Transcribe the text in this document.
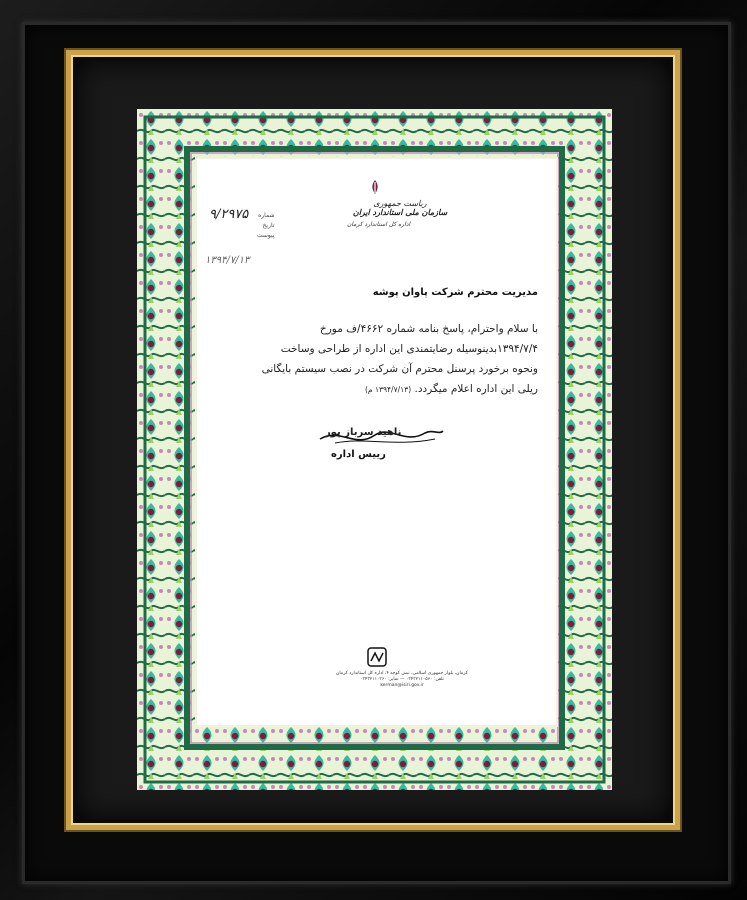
ریاست جمهوری
سازمان ملی استاندارد ایران
اداره کل استاندارد کرمان
شماره
تاریخ
پیوست
۹/۲۹۷۵
۱۳۹۴/۷/۱۳
مدیریت محترم شرکت پاوان پوشه
با سلام واحترام، پاسخ بنامه شماره ۴۶۶۲/ف مورخ
۱۳۹۴/۷/۴بدینوسیله رضایتمندی این اداره از طراحی وساخت
ونحوه برخورد پرسنل محترم آن شرکت در نصب سیستم بایگانی
ریلی این اداره اعلام میگردد. (۱۳۹۴/۷/۱۳ م)
ناهید سرباز پور
رییس اداره
کرمان، بلوار جمهوری اسلامی، نبش کوچه ۴، اداره کل استاندارد کرمان
تلفن: ۰۳۴۳۲۱۱۰۵۶۰ — نمابر: ۰۳۴۳۲۱۱۰۳۶۰
kerman@isiri.gov.ir
